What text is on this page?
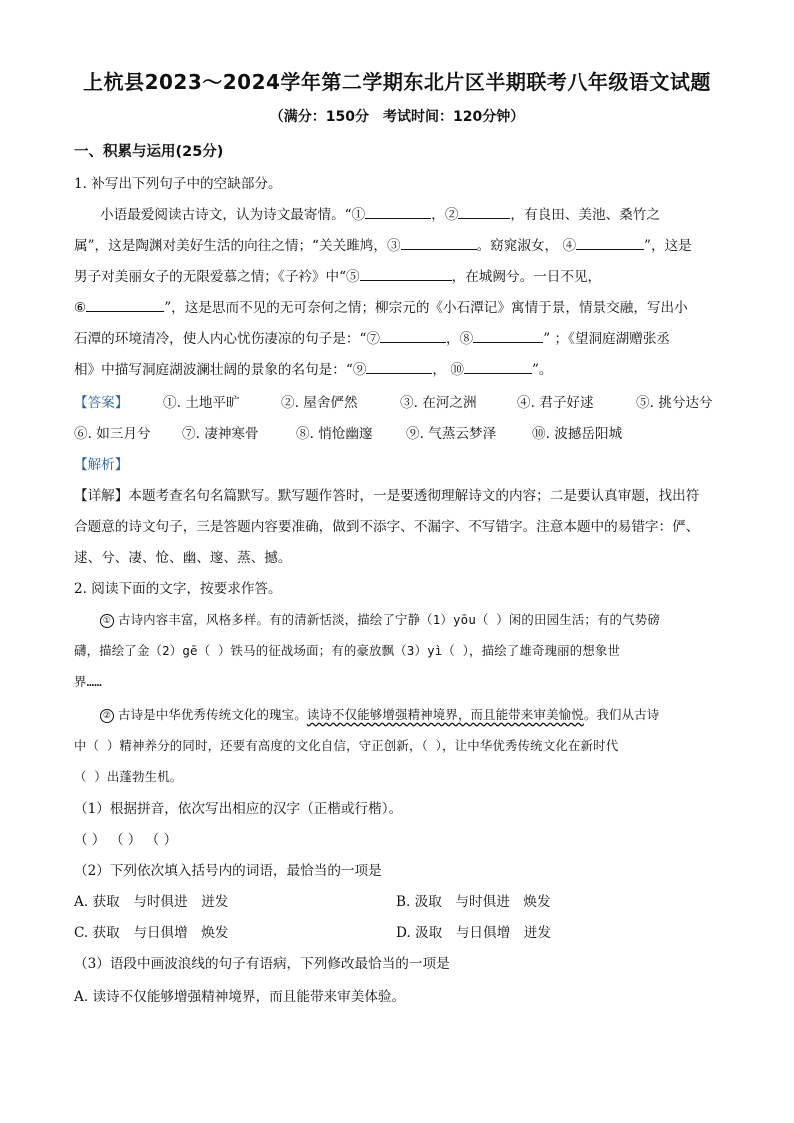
上杭县2023～2024学年第二学期东北片区半期联考八年级语文试题
（满分：150分　考试时间：120分钟）
一、积累与运用(25分)
1. 补写出下列句子中的空缺部分。
小语最爱阅读古诗文，认为诗文最寄情。“①	，②	，有良田、美池、桑竹之
属”，这是陶渊对美好生活的向往之情；“关关雎鸠，③	。窈窕淑女， ④	”，这是
男子对美丽女子的无限爱慕之情；《子衿》中“⑤	，在城阙兮。一日不见，
⑥	”，这是思而不见的无可奈何之情；柳宗元的《小石潭记》寓情于景，情景交融，写出小
石潭的环境清冷，使人内心忧伤凄凉的句子是：“⑦	，⑧	” ；《望洞庭湖赠张丞
相》中描写洞庭湖波澜壮阔的景象的名句是：“⑨	， ⑩	”。
【答案】	①. 土地平旷	②. 屋舍俨然	③. 在河之洲	④. 君子好逑	⑤. 挑兮达兮
⑥. 如三月兮 ⑦. 凄神寒骨	⑧. 悄怆幽邃 ⑨. 气蒸云梦泽	⑩. 波撼岳阳城
【解析】
【详解】本题考查名句名篇默写。默写题作答时，一是要透彻理解诗文的内容；二是要认真审题，找出符
合题意的诗文句子，三是答题内容要准确，做到不添字、不漏字、不写错字。注意本题中的易错字：俨、
逑、兮、凄、怆、幽、邃、蒸、撼。
2. 阅读下面的文字，按要求作答。
① 古诗内容丰富，风格多样。有的清新恬淡，描绘了宁静（1）yōu（ ）闲的田园生活；有的气势磅
礴，描绘了金（2）gē（ ）铁马的征战场面；有的豪放飘（3）yì（ ），描绘了雄奇瑰丽的想象世
界……
② 古诗是中华优秀传统文化的瑰宝。读诗不仅能够增强精神境界，而且能带来审美愉悦。我们从古诗
中（ ）精神养分的同时，还要有高度的文化自信，守正创新，（ ），让中华优秀传统文化在新时代
（ ）出蓬勃生机。
（1）根据拼音，依次写出相应的汉字（正楷或行楷）。
（ ） （ ） （ ）
（2）下列依次填入括号内的词语，最恰当的一项是
A. 获取　与时俱进　迸发	B. 汲取　与时俱进　焕发
C. 获取　与日俱增　焕发	D. 汲取　与日俱增　迸发
（3）语段中画波浪线的句子有语病，下列修改最恰当的一项是
A. 读诗不仅能够增强精神境界，而且能带来审美体验。
